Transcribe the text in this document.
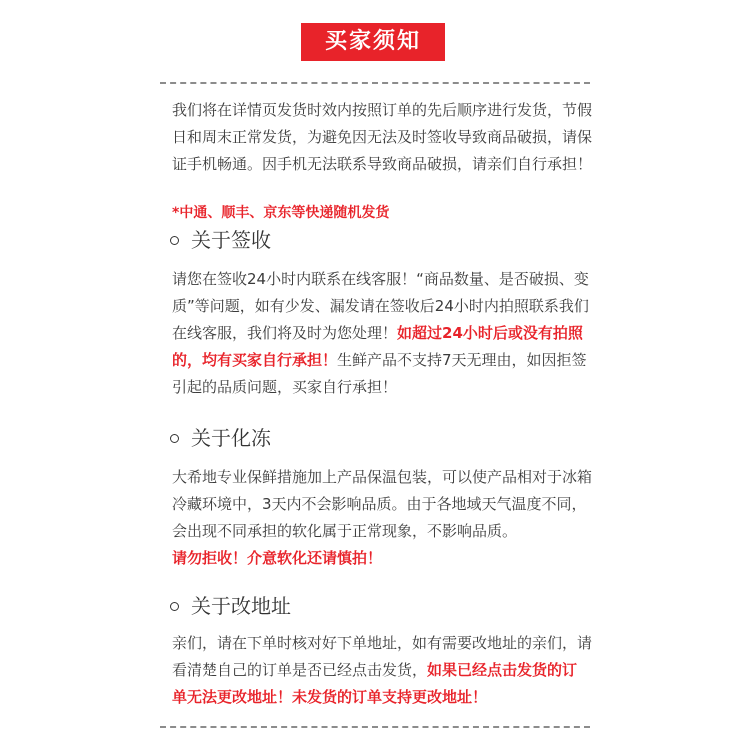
买家须知

我们将在详情页发货时效内按照订单的先后顺序进行发货，节假日和周末正常发货，为避免因无法及时签收导致商品破损，请保证手机畅通。因手机无法联系导致商品破损，请亲们自行承担！

*中通、顺丰、京东等快递随机发货
关于签收

请您在签收24小时内联系在线客服！“商品数量、是否破损、变质”等问题，如有少发、漏发请在签收后24小时内拍照联系我们在线客服，我们将及时为您处理！如超过24小时后或没有拍照的，均有买家自行承担！生鲜产品不支持7天无理由，如因拒签引起的品质问题，买家自行承担！

关于化冻

大希地专业保鲜措施加上产品保温包装，可以使产品相对于冰箱冷藏环境中，3天内不会影响品质。由于各地域天气温度不同，会出现不同承担的软化属于正常现象，不影响品质。
请勿拒收！介意软化还请慎拍！

关于改地址

亲们，请在下单时核对好下单地址，如有需要改地址的亲们，请看清楚自己的订单是否已经点击发货，如果已经点击发货的订单无法更改地址！未发货的订单支持更改地址！
